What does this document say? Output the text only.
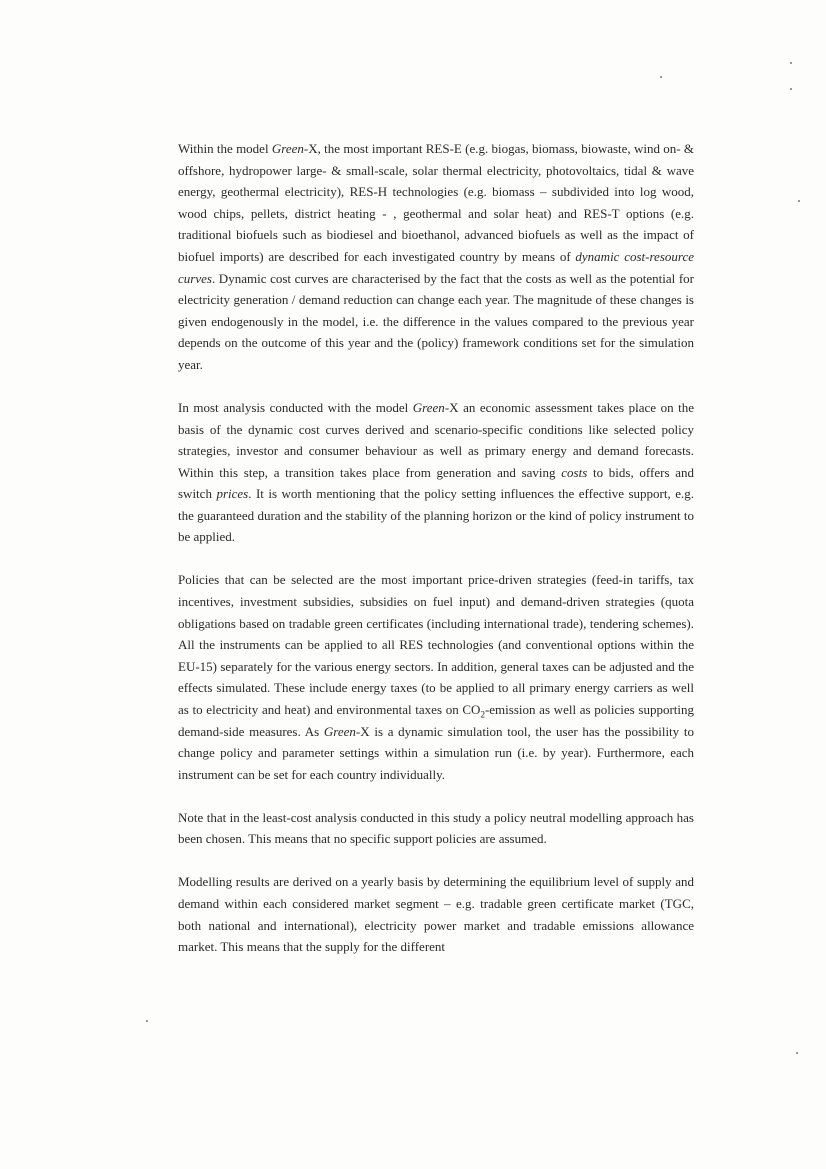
Within the model Green-X, the most important RES-E (e.g. biogas, biomass, biowaste, wind on- & offshore, hydropower large- & small-scale, solar thermal electricity, photovoltaics, tidal & wave energy, geothermal electricity), RES-H technologies (e.g. biomass – subdivided into log wood, wood chips, pellets, district heating - , geothermal and solar heat) and RES-T options (e.g. traditional biofuels such as biodiesel and bioethanol, advanced biofuels as well as the impact of biofuel imports) are described for each investigated country by means of dynamic cost-resource curves. Dynamic cost curves are characterised by the fact that the costs as well as the potential for electricity generation / demand reduction can change each year. The magnitude of these changes is given endogenously in the model, i.e. the difference in the values compared to the previous year depends on the outcome of this year and the (policy) framework conditions set for the simulation year.

In most analysis conducted with the model Green-X an economic assessment takes place on the basis of the dynamic cost curves derived and scenario-specific conditions like selected policy strategies, investor and consumer behaviour as well as primary energy and demand forecasts. Within this step, a transition takes place from generation and saving costs to bids, offers and switch prices. It is worth mentioning that the policy setting influences the effective support, e.g. the guaranteed duration and the stability of the planning horizon or the kind of policy instrument to be applied.

Policies that can be selected are the most important price-driven strategies (feed-in tariffs, tax incentives, investment subsidies, subsidies on fuel input) and demand-driven strategies (quota obligations based on tradable green certificates (including international trade), tendering schemes). All the instruments can be applied to all RES technologies (and conventional options within the EU-15) separately for the various energy sectors. In addition, general taxes can be adjusted and the effects simulated. These include energy taxes (to be applied to all primary energy carriers as well as to electricity and heat) and environmental taxes on $CO_2$-emission as well as policies supporting demand-side measures. As Green-X is a dynamic simulation tool, the user has the possibility to change policy and parameter settings within a simulation run (i.e. by year). Furthermore, each instrument can be set for each country individually.

Note that in the least-cost analysis conducted in this study a policy neutral modelling approach has been chosen. This means that no specific support policies are assumed.

Modelling results are derived on a yearly basis by determining the equilibrium level of supply and demand within each considered market segment – e.g. tradable green certificate market (TGC, both national and international), electricity power market and tradable emissions allowance market. This means that the supply for the different
